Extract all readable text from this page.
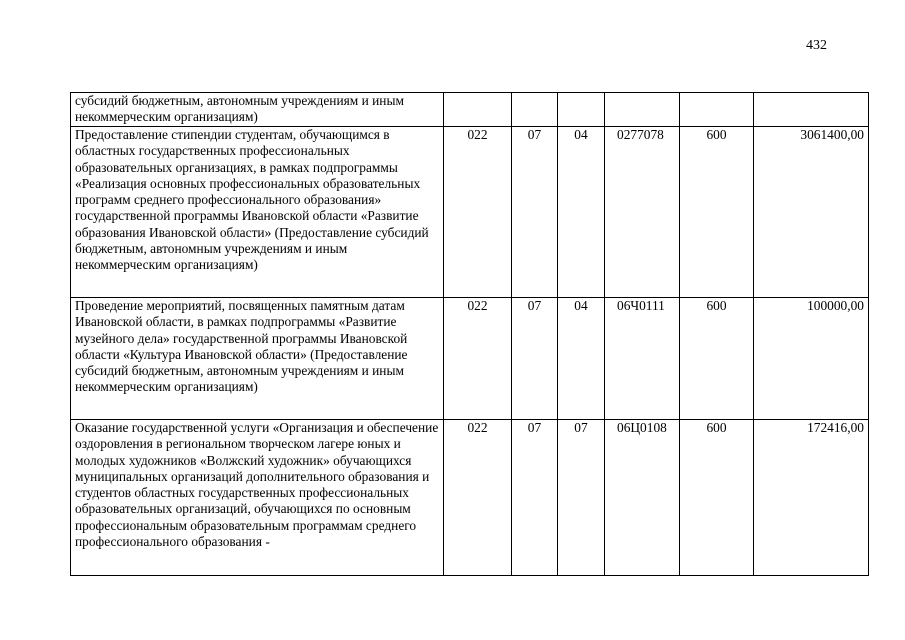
432
субсидий бюджетным, автономным учреждениям и иным некоммерческим организациям)						
Предоставление стипендии студентам, обучающимся в областных государственных профессиональных образовательных организациях, в рамках подпрограммы «Реализация основных профессиональных образовательных программ среднего профессионального образования» государственной программы Ивановской области «Развитие образования Ивановской области» (Предоставление субсидий бюджетным, автономным учреждениям и иным некоммерческим организациям)	022	07	04	0277078	600	3061400,00
Проведение мероприятий, посвященных памятным датам Ивановской области, в рамках подпрограммы «Развитие музейного дела» государственной программы Ивановской области «Культура Ивановской области» (Предоставление субсидий бюджетным, автономным учреждениям и иным некоммерческим организациям)	022	07	04	06Ч0111	600	100000,00
Оказание государственной услуги «Организация и обеспечение оздоровления в региональном творческом лагере юных и молодых художников «Волжский художник» обучающихся муниципальных организаций дополнительного образования и студентов областных государственных профессиональных образовательных организаций, обучающихся по основным профессиональным образовательным программам среднего профессионального образования -	022	07	07	06Ц0108	600	172416,00
